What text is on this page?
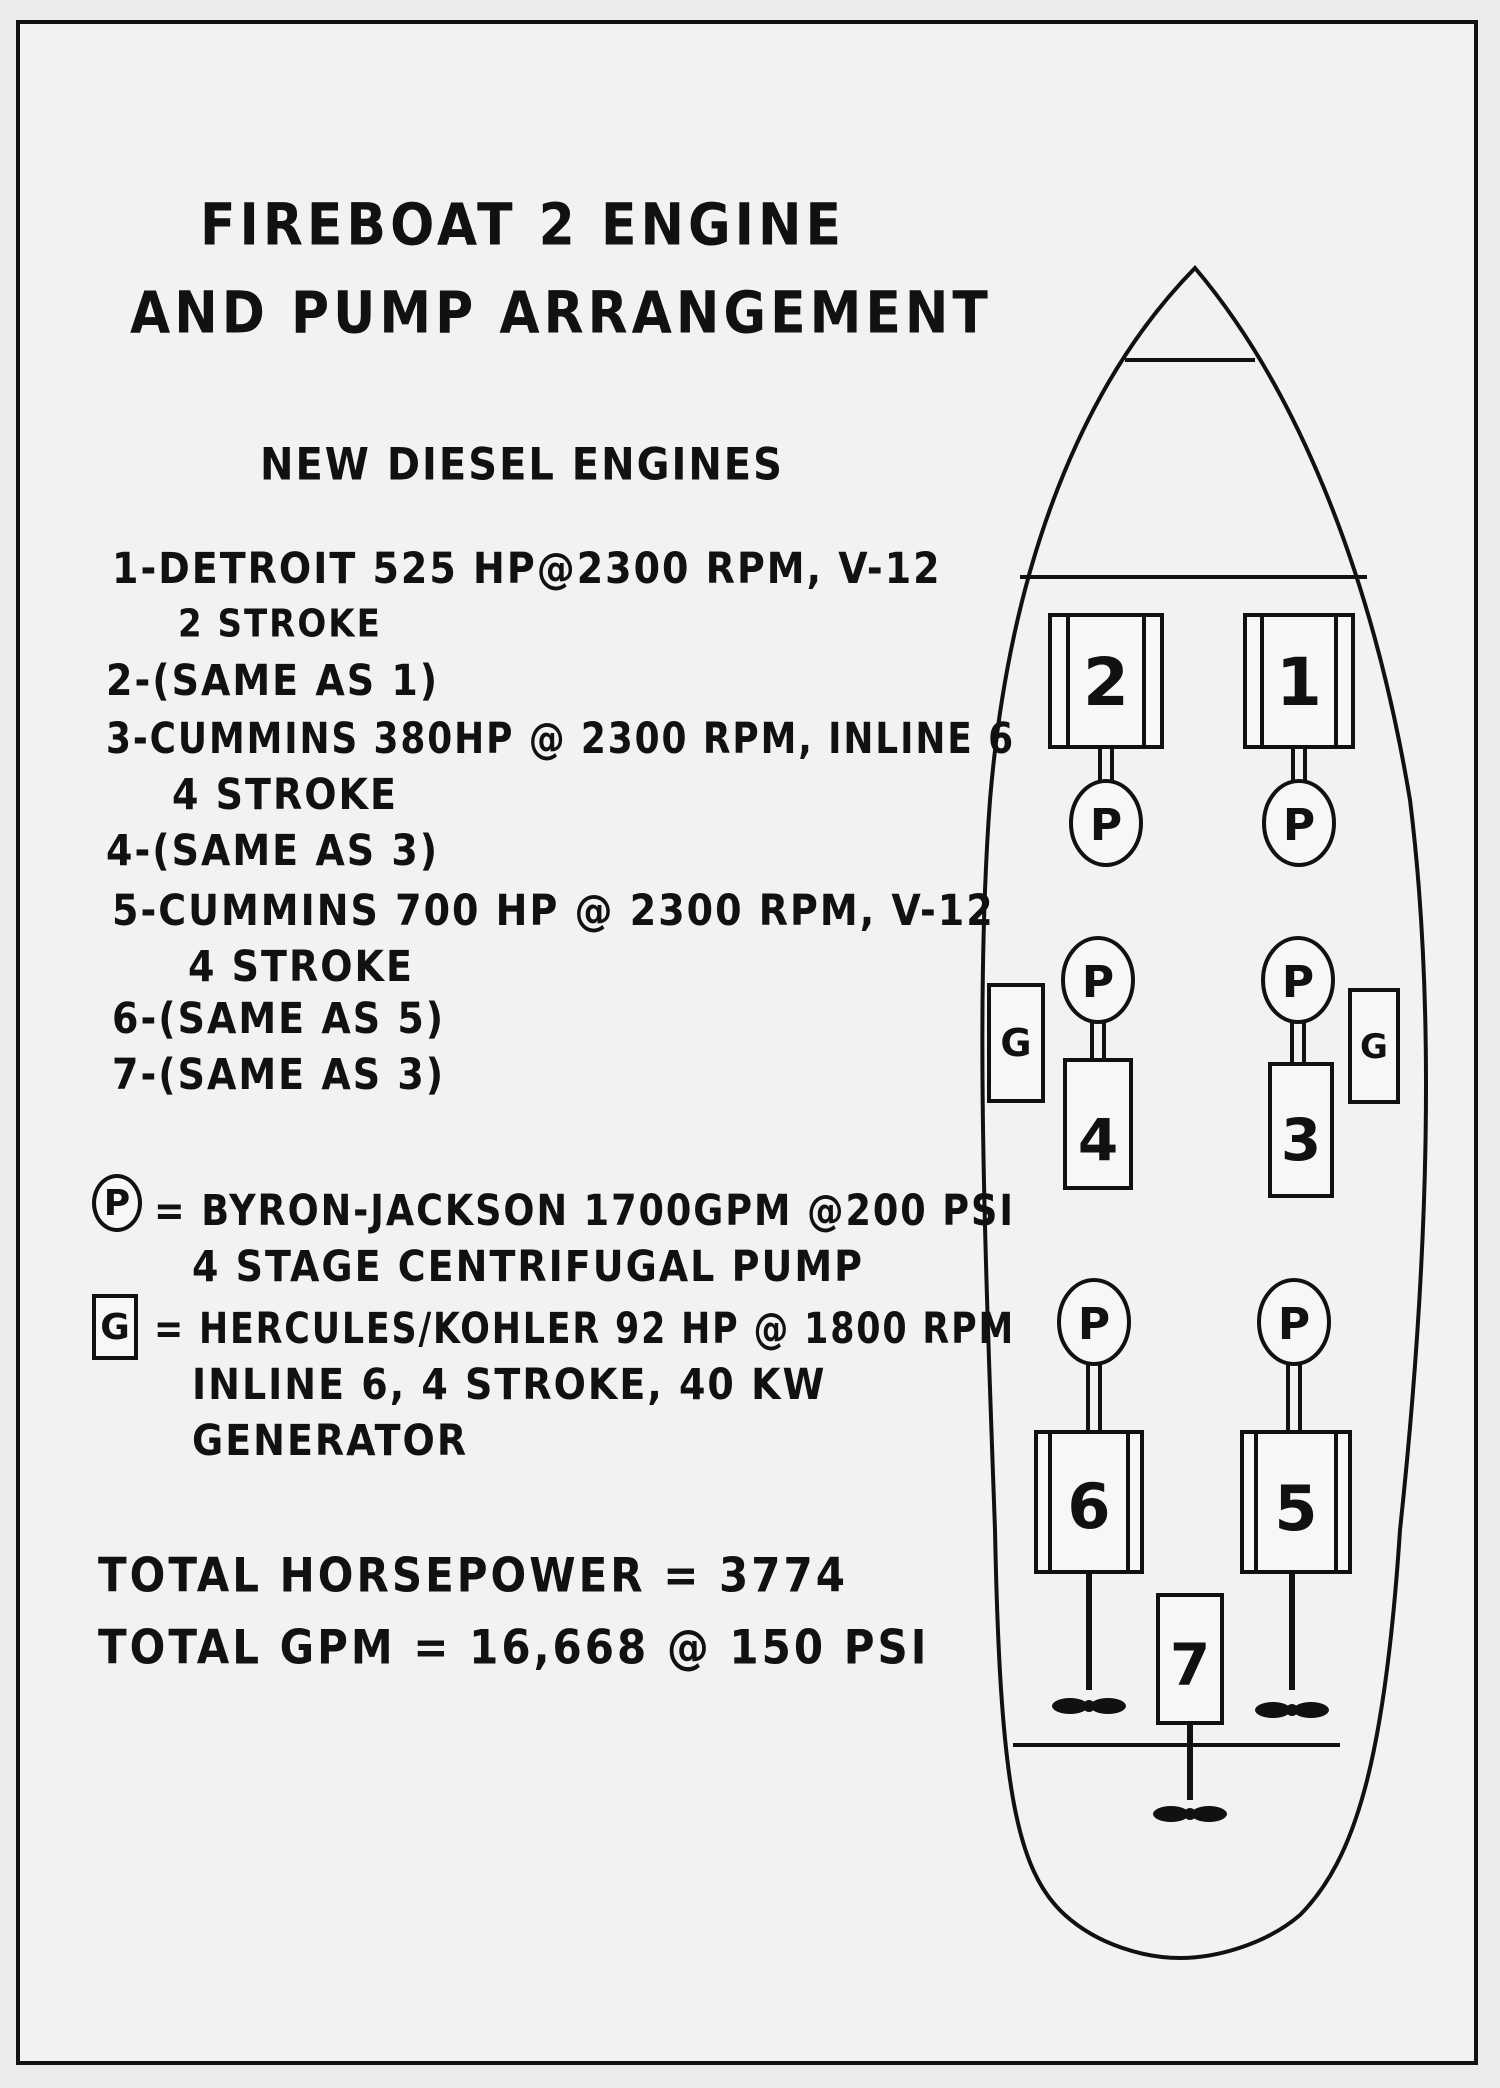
FIREBOAT 2 ENGINE
AND PUMP ARRANGEMENT
NEW DIESEL ENGINES
1-DETROIT 525 HP@2300 RPM, V-12
2 STROKE
2-(SAME AS 1)
3-CUMMINS 380HP @ 2300 RPM, INLINE 6
4 STROKE
4-(SAME AS 3)
5-CUMMINS 700 HP @ 2300 RPM, V-12
4 STROKE
6-(SAME AS 5)
7-(SAME AS 3)
P = BYRON-JACKSON 1700GPM @200 PSI
4 STAGE CENTRIFUGAL PUMP
G = HERCULES/KOHLER 92 HP @ 1800 RPM
INLINE 6, 4 STROKE, 40 KW
GENERATOR
TOTAL HORSEPOWER = 3774
TOTAL GPM = 16,668 @ 150 PSI
1
2
3
4
5
6
7
P
P
P
P
P
P
G	G
